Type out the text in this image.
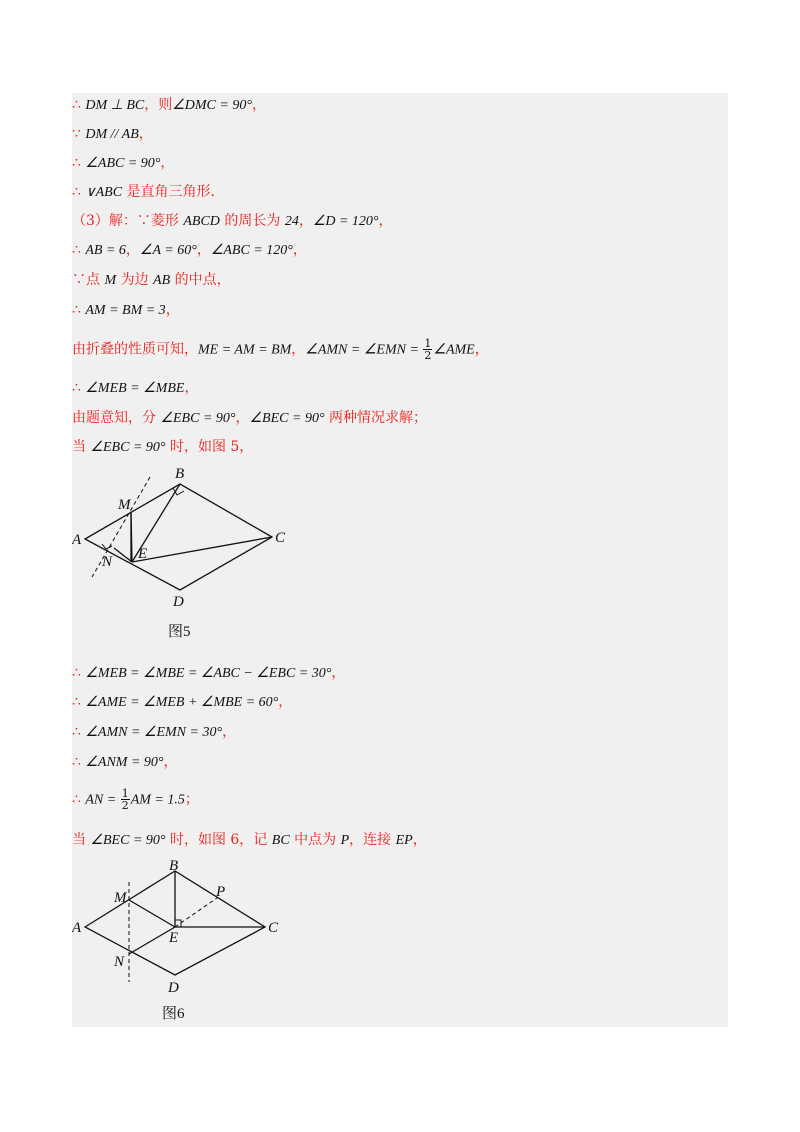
∴ DM ⊥ BC，则∠DMC = 90°，
∵ DM // AB，
∴ ∠ABC = 90°，
∴ ∨ABC 是直角三角形.
（3）解：∵菱形 ABCD 的周长为 24，∠D = 120°，
∴ AB = 6，∠A = 60°，∠ABC = 120°，
∵点 M 为边 AB 的中点，
∴ AM = BM = 3，
由折叠的性质可知，ME = AM = BM，∠AMN = ∠EMN = $\frac{1}{2}$ ∠AME，
∴ ∠MEB = ∠MBE，
由题意知，分 ∠EBC = 90°，∠BEC = 90° 两种情况求解；
当 ∠EBC = 90° 时，如图 5，
∴ ∠MEB = ∠MBE = ∠ABC − ∠EBC = 30°，
∴ ∠AME = ∠MEB + ∠MBE = 60°，
∴ ∠AMN = ∠EMN = 30°，
∴ ∠ANM = 90°，
∴ AN = $\frac{1}{2}$ AM = 1.5；
当 ∠BEC = 90° 时，如图 6，记 BC 中点为 P，连接 EP，
A
B
C
D
M
N E
图5
A
B
C
D
M
N
E
P
图6
